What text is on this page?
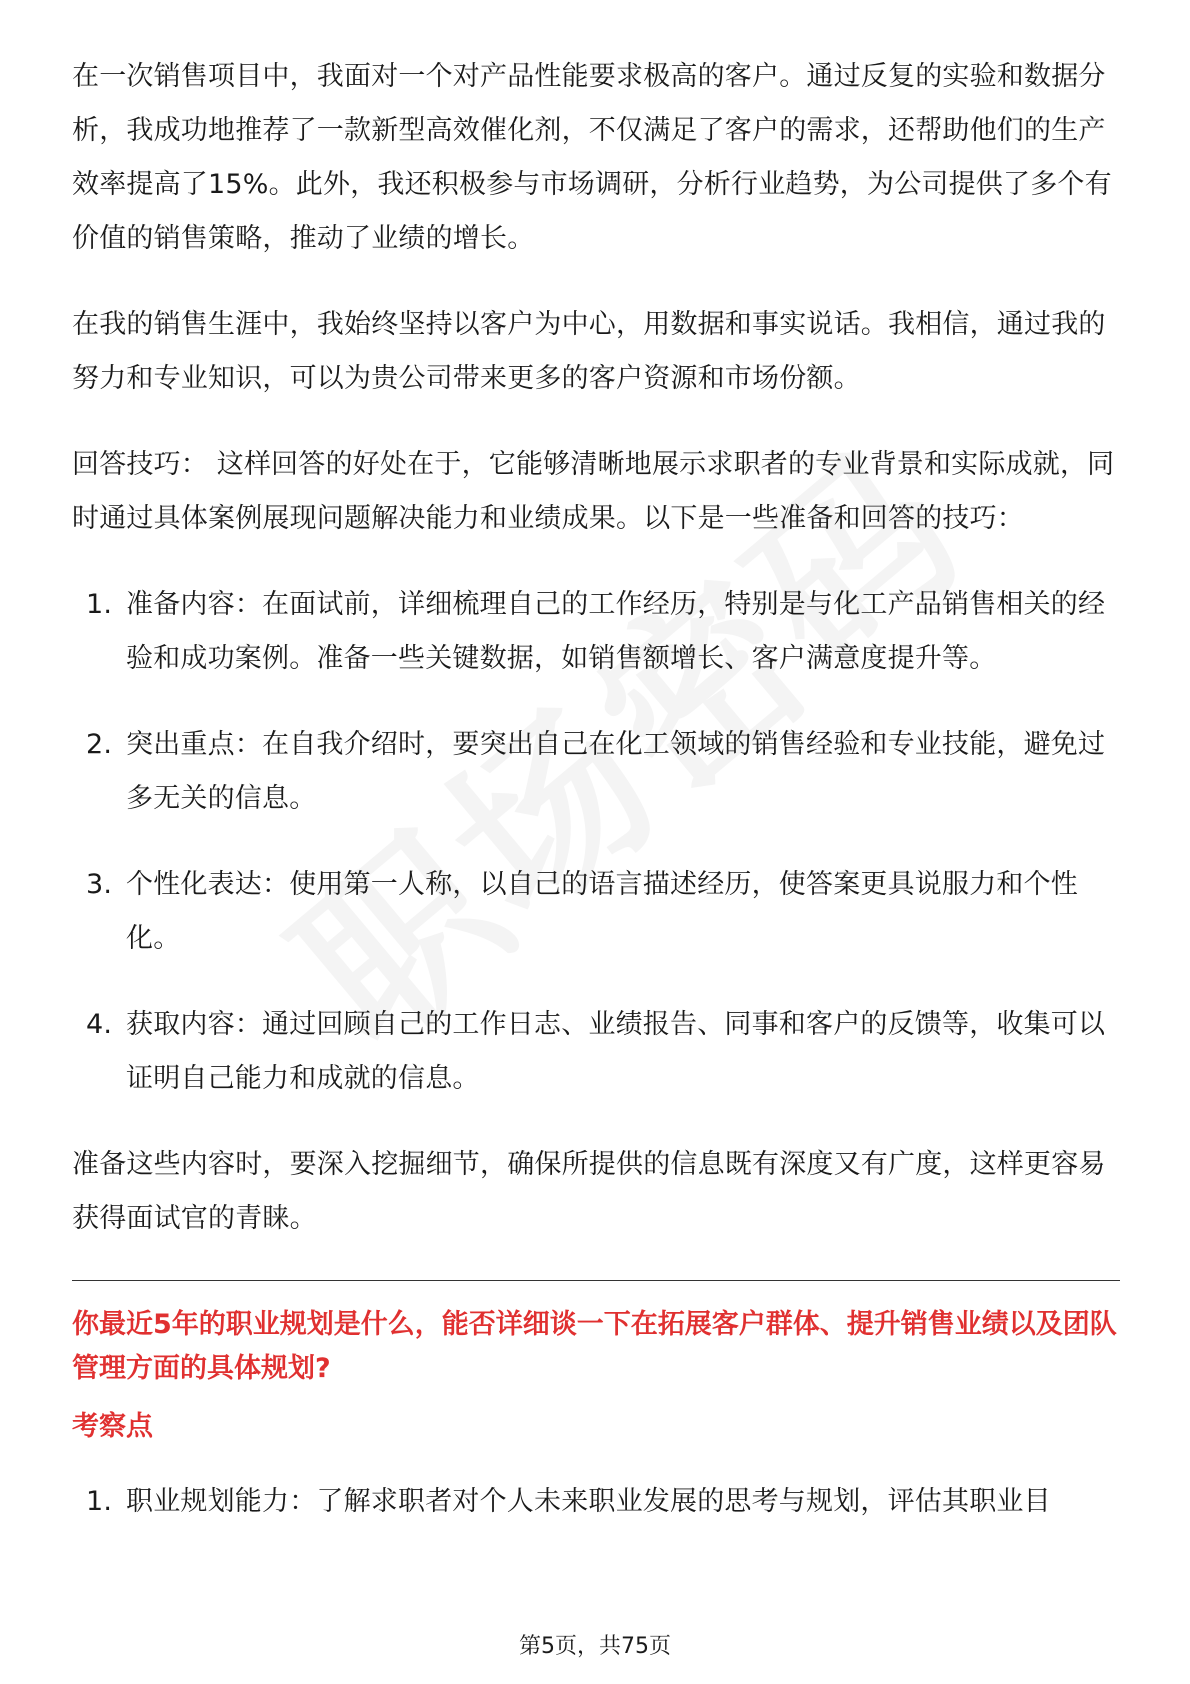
在一次销售项目中，我面对一个对产品性能要求极高的客户。通过反复的实验和数据分析，我成功地推荐了一款新型高效催化剂，不仅满足了客户的需求，还帮助他们的生产效率提高了15%。此外，我还积极参与市场调研，分析行业趋势，为公司提供了多个有价值的销售策略，推动了业绩的增长。

在我的销售生涯中，我始终坚持以客户为中心，用数据和事实说话。我相信，通过我的努力和专业知识，可以为贵公司带来更多的客户资源和市场份额。

回答技巧： 这样回答的好处在于，它能够清晰地展示求职者的专业背景和实际成就，同时通过具体案例展现问题解决能力和业绩成果。以下是一些准备和回答的技巧：

1. 准备内容：在面试前，详细梳理自己的工作经历，特别是与化工产品销售相关的经验和成功案例。准备一些关键数据，如销售额增长、客户满意度提升等。
2. 突出重点：在自我介绍时，要突出自己在化工领域的销售经验和专业技能，避免过多无关的信息。
3. 个性化表达：使用第一人称，以自己的语言描述经历，使答案更具说服力和个性化。
4. 获取内容：通过回顾自己的工作日志、业绩报告、同事和客户的反馈等，收集可以证明自己能力和成就的信息。

准备这些内容时，要深入挖掘细节，确保所提供的信息既有深度又有广度，这样更容易获得面试官的青睐。

你最近5年的职业规划是什么，能否详细谈一下在拓展客户群体、提升销售业绩以及团队管理方面的具体规划?
考察点
1. 职业规划能力：了解求职者对个人未来职业发展的思考与规划，评估其职业目
第5页，共75页
